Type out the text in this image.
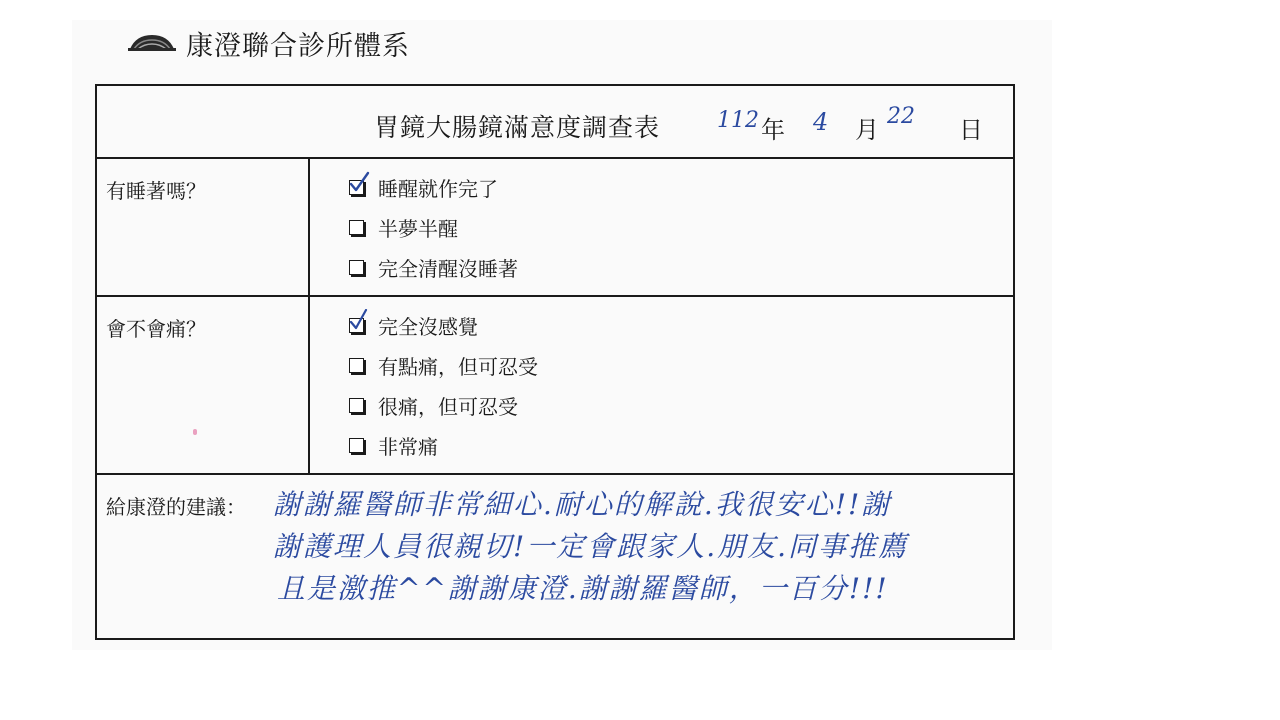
康澄聯合診所體系
胃鏡大腸鏡滿意度調查表	112 年 4 月 22 日
有睡著嗎？	睡醒就作完了
半夢半醒
完全清醒沒睡著
會不會痛？	完全沒感覺
有點痛，但可忍受
很痛，但可忍受
非常痛
給康澄的建議： 謝謝羅醫師非常細心.耐心的解說.我很安心!!謝
謝護理人員很親切!一定會跟家人.朋友.同事推薦
且是激推^^謝謝康澄.謝謝羅醫師，一百分!!!
